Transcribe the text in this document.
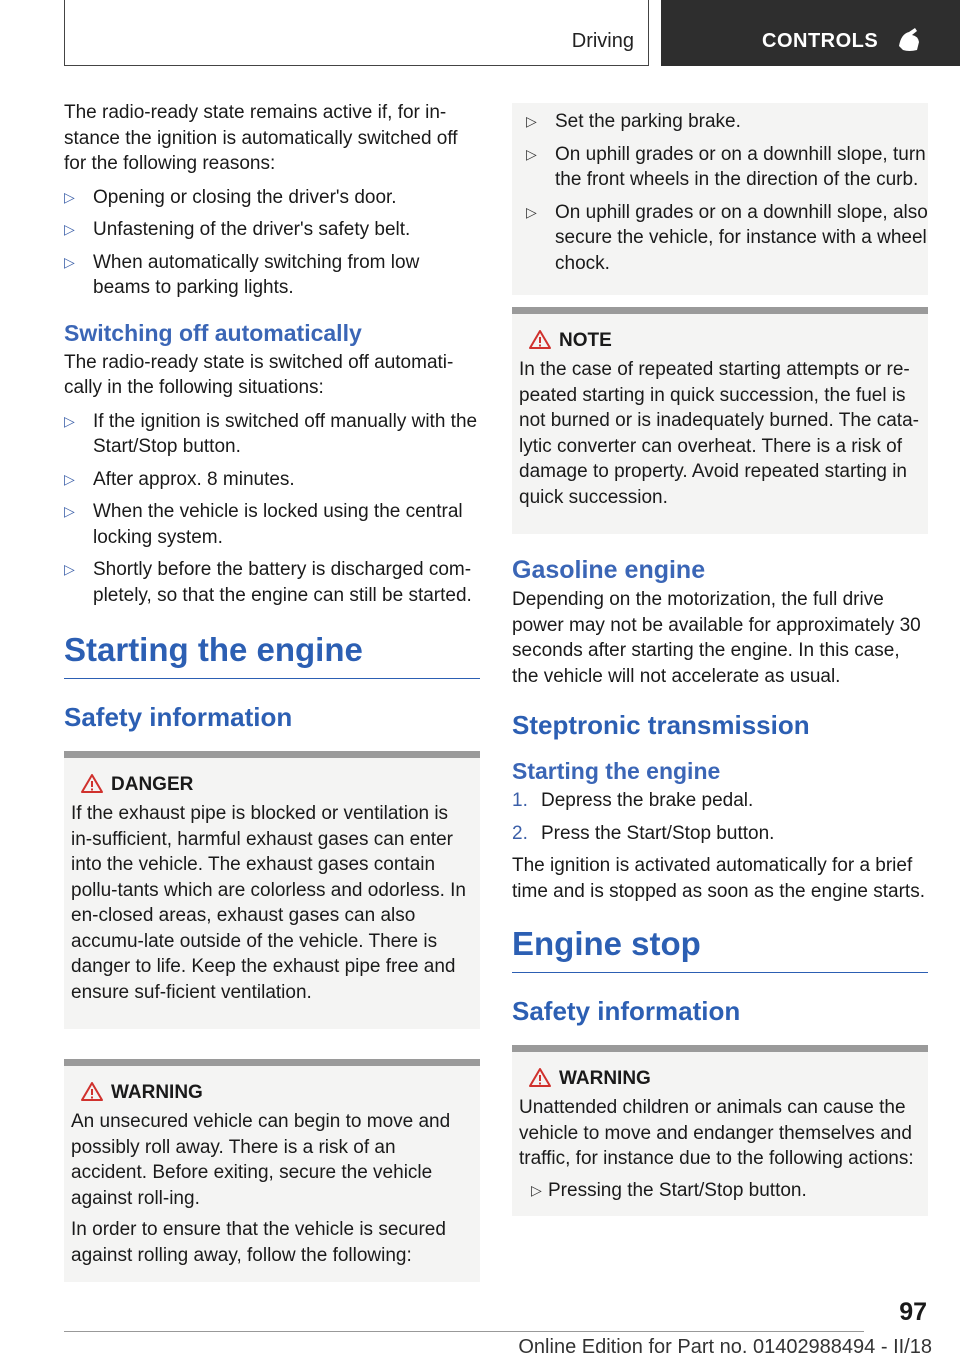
Driving	CONTROLS

The radio-ready state remains active if, for in-stance the ignition is automatically switched off for the following reasons:

▷ Opening or closing the driver's door.
▷ Unfastening of the driver's safety belt.
▷ When automatically switching from low beams to parking lights.
Switching off automatically

The radio-ready state is switched off automati-cally in the following situations:

▷ If the ignition is switched off manually with the Start/Stop button.
▷ After approx. 8 minutes.
▷ When the vehicle is locked using the central locking system.
▷ Shortly before the battery is discharged com-pletely, so that the engine can still be started.
Starting the engine
Safety information
DANGER

If the exhaust pipe is blocked or ventilation is in-sufficient, harmful exhaust gases can enter into the vehicle. The exhaust gases contain pollu-tants which are colorless and odorless. In en-closed areas, exhaust gases can also accumu-late outside of the vehicle. There is danger to life. Keep the exhaust pipe free and ensure suf-ficient ventilation.

WARNING

An unsecured vehicle can begin to move and possibly roll away. There is a risk of an accident. Before exiting, secure the vehicle against roll-ing.

In order to ensure that the vehicle is secured against rolling away, follow the following:

▷ Set the parking brake.
▷ On uphill grades or on a downhill slope, turn the front wheels in the direction of the curb.
▷ On uphill grades or on a downhill slope, also secure the vehicle, for instance with a wheel chock.
NOTE

In the case of repeated starting attempts or re-peated starting in quick succession, the fuel is not burned or is inadequately burned. The cata-lytic converter can overheat. There is a risk of damage to property. Avoid repeated starting in quick succession.

Gasoline engine

Depending on the motorization, the full drive power may not be available for approximately 30 seconds after starting the engine. In this case, the vehicle will not accelerate as usual.

Steptronic transmission
Starting the engine
1. Depress the brake pedal.
2. Press the Start/Stop button.

The ignition is activated automatically for a brief time and is stopped as soon as the engine starts.

Engine stop
Safety information
WARNING

Unattended children or animals can cause the vehicle to move and endanger themselves and traffic, for instance due to the following actions:

▷ Pressing the Start/Stop button.
97
Online Edition for Part no. 01402988494 - II/18
